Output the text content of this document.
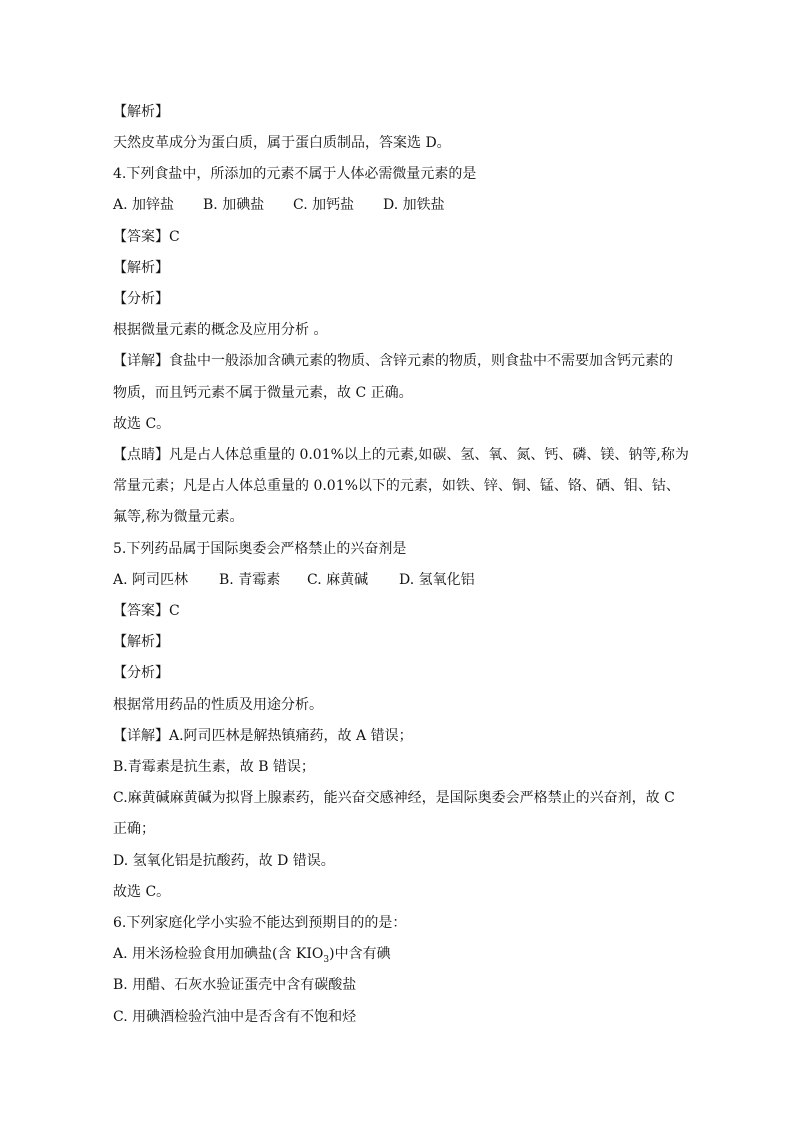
【解析】
天然皮革成分为蛋白质，属于蛋白质制品，答案选 D。
4.下列食盐中，所添加的元素不属于人体必需微量元素的是
A. 加锌盐	B. 加碘盐	C. 加钙盐	D. 加铁盐
【答案】C
【解析】
【分析】
根据微量元素的概念及应用分析 。
【详解】食盐中一般添加含碘元素的物质、含锌元素的物质，则食盐中不需要加含钙元素的
物质，而且钙元素不属于微量元素，故 C 正确。
故选 C。
【点睛】凡是占人体总重量的 0.01%以上的元素,如碳、氢、氧、氮、钙、磷、镁、钠等,称为
常量元素；凡是占人体总重量的 0.01%以下的元素，如铁、锌、铜、锰、铬、硒、钼、钴、
氟等,称为微量元素。
5.下列药品属于国际奥委会严格禁止的兴奋剂是
A. 阿司匹林	B. 青霉素	C. 麻黄碱	D. 氢氧化铝
【答案】C
【解析】
【分析】
根据常用药品的性质及用途分析。
【详解】A.阿司匹林是解热镇痛药，故 A 错误；
B.青霉素是抗生素，故 B 错误；
C.麻黄碱麻黄碱为拟肾上腺素药，能兴奋交感神经，是国际奥委会严格禁止的兴奋剂，故 C
正确；
D. 氢氧化铝是抗酸药，故 D 错误。
故选 C。
6.下列家庭化学小实验不能达到预期目的的是：
A. 用米汤检验食用加碘盐(含 $KIO_3$)中含有碘
B. 用醋、石灰水验证蛋壳中含有碳酸盐
C. 用碘酒检验汽油中是否含有不饱和烃
